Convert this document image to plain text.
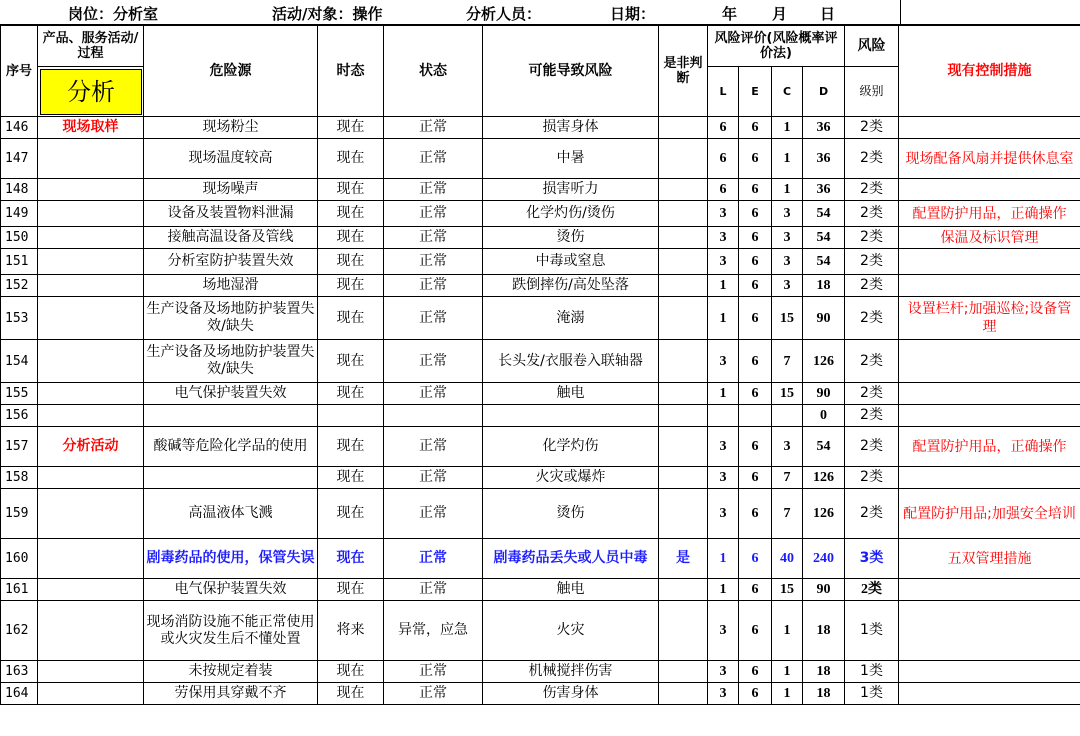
岗位：分析室	活动/对象：操作	分析人员：	日期：	年 月 日
序号	产品、服务活动/过程	危险源	时态	状态	可能导致风险	是非判断	风险评价(风险概率评价法)				风险	现有控制措施

	分析						L	E	C	D	级别	
146	现场取样	现场粉尘	现在	正常	损害身体		6	6	1	36	2类	
147		现场温度较高	现在	正常	中暑		6	6	1	36	2类	现场配备风扇并提供休息室
148		现场噪声	现在	正常	损害听力		6	6	1	36	2类	
149		设备及装置物料泄漏	现在	正常	化学灼伤/烫伤		3	6	3	54	2类	配置防护用品，正确操作
150		接触高温设备及管线	现在	正常	烫伤		3	6	3	54	2类	保温及标识管理
151		分析室防护装置失效	现在	正常	中毒或窒息		3	6	3	54	2类	
152		场地湿滑	现在	正常	跌倒摔伤/高处坠落		1	6	3	18	2类	
153		生产设备及场地防护装置失效/缺失	现在	正常	淹溺		1	6	15	90	2类	设置栏杆;加强巡检;设备管理
154		生产设备及场地防护装置失效/缺失	现在	正常	长头发/衣服卷入联轴器		3	6	7	126	2类	
155		电气保护装置失效	现在	正常	触电		1	6	15	90	2类	
156										0	2类	
157	分析活动	酸碱等危险化学品的使用	现在	正常	化学灼伤		3	6	3	54	2类	配置防护用品，正确操作
158			现在	正常	火灾或爆炸		3	6	7	126	2类	
159		高温液体飞溅	现在	正常	烫伤		3	6	7	126	2类	配置防护用品;加强安全培训
160		剧毒药品的使用，保管失误	现在	正常	剧毒药品丢失或人员中毒	是	1	6	40	240	3类	五双管理措施
161		电气保护装置失效	现在	正常	触电		1	6	15	90	2类	
162		现场消防设施不能正常使用或火灾发生后不懂处置	将来	异常，应急	火灾		3	6	1	18	1类	
163		未按规定着装	现在	正常	机械搅拌伤害		3	6	1	18	1类	
164		劳保用具穿戴不齐	现在	正常	伤害身体		3	6	1	18	1类	
